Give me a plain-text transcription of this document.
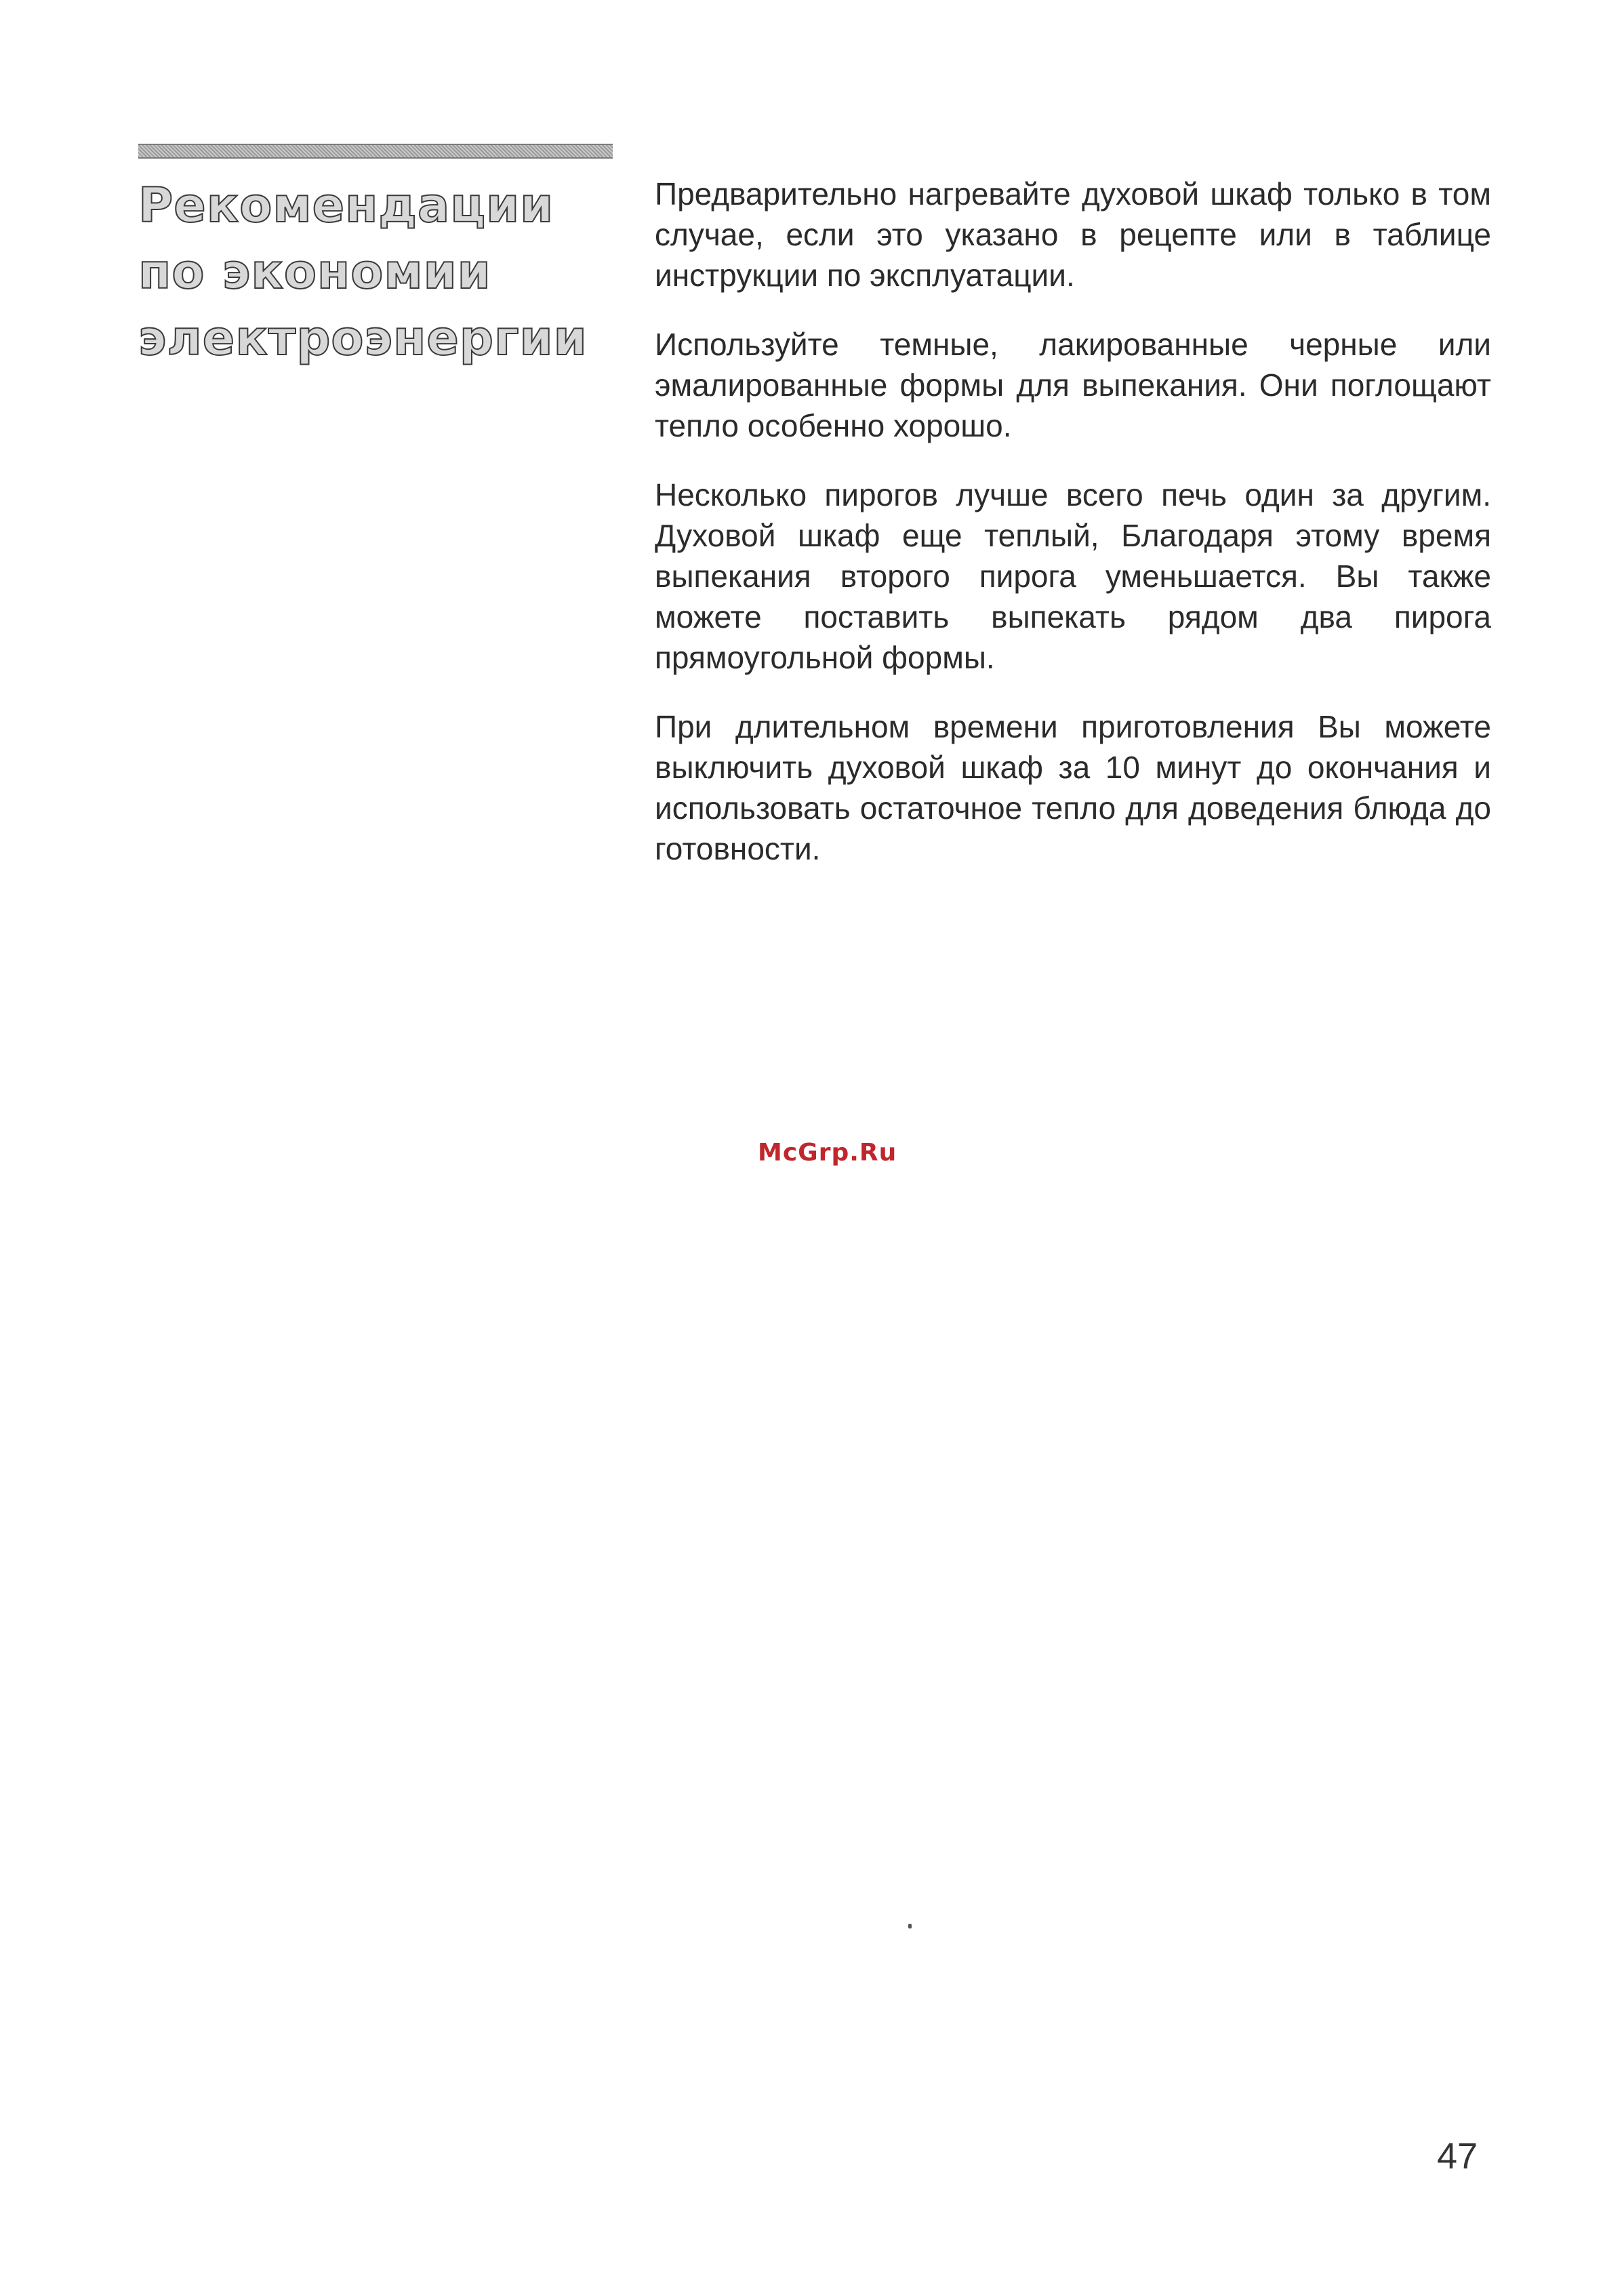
Рекомендации
по экономии
электроэнергии

Предварительно нагревайте духовой шкаф только в том случае, если это указано в рецепте или в таблице инструкции по эксплуатации.

Используйте темные, лакированные черные или эмалированные формы для выпекания. Они поглощают тепло особенно хорошо.

Несколько пирогов лучше всего печь один за другим. Духовой шкаф еще теплый, Благодаря этому время выпекания второго пирога уменьшается. Вы также можете поставить выпекать рядом два пирога прямоугольной формы.

При длительном времени приготовления Вы можете выключить духовой шкаф за 10 минут до окончания и использовать остаточное тепло для доведения блюда до готовности.

McGrp.Ru
47
